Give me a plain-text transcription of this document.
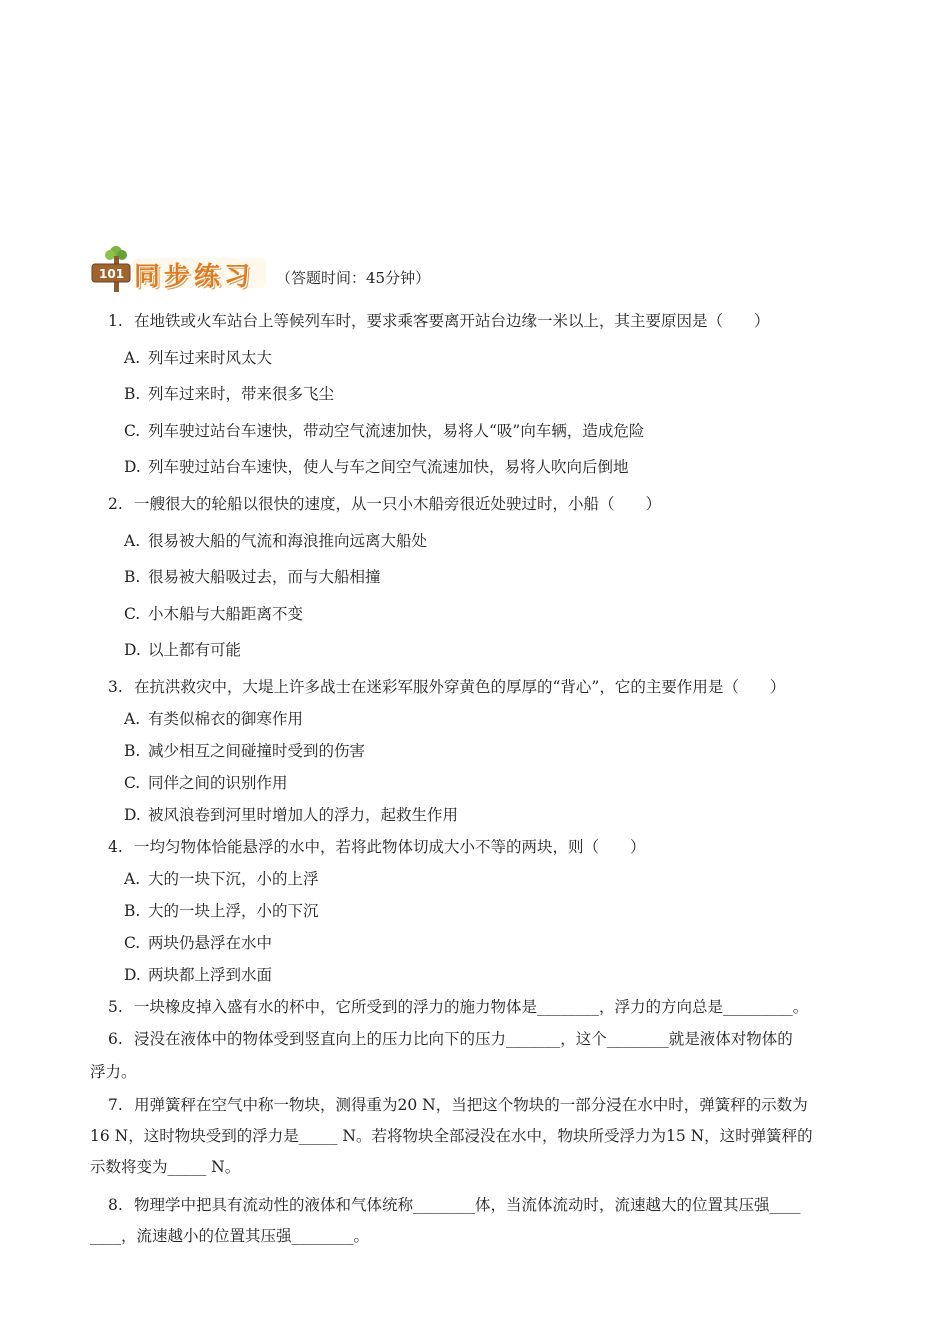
101 同步练习 （答题时间：45分钟）
1. 在地铁或火车站台上等候列车时，要求乘客要离开站台边缘一米以上，其主要原因是（　　）
A. 列车过来时风太大
B. 列车过来时，带来很多飞尘
C. 列车驶过站台车速快，带动空气流速加快，易将人“吸”向车辆，造成危险
D. 列车驶过站台车速快，使人与车之间空气流速加快，易将人吹向后倒地
2. 一艘很大的轮船以很快的速度，从一只小木船旁很近处驶过时，小船（　　）
A. 很易被大船的气流和海浪推向远离大船处
B. 很易被大船吸过去，而与大船相撞
C. 小木船与大船距离不变
D. 以上都有可能
3. 在抗洪救灾中，大堤上许多战士在迷彩军服外穿黄色的厚厚的“背心”，它的主要作用是（　　）
A. 有类似棉衣的御寒作用
B. 减少相互之间碰撞时受到的伤害
C. 同伴之间的识别作用
D. 被风浪卷到河里时增加人的浮力，起救生作用
4. 一均匀物体恰能悬浮的水中，若将此物体切成大小不等的两块，则（　　）
A. 大的一块下沉，小的上浮
B. 大的一块上浮，小的下沉
C. 两块仍悬浮在水中
D. 两块都上浮到水面
5. 一块橡皮掉入盛有水的杯中，它所受到的浮力的施力物体是________，浮力的方向总是_________。
6. 浸没在液体中的物体受到竖直向上的压力比向下的压力_______，这个________就是液体对物体的
浮力。
7. 用弹簧秤在空气中称一物块，测得重为20 N，当把这个物块的一部分浸在水中时，弹簧秤的示数为
16 N，这时物块受到的浮力是_____ N。若将物块全部浸没在水中，物块所受浮力为15 N，这时弹簧秤的
示数将变为_____ N。
8. 物理学中把具有流动性的液体和气体统称________体，当流体流动时，流速越大的位置其压强____
____，流速越小的位置其压强________。
